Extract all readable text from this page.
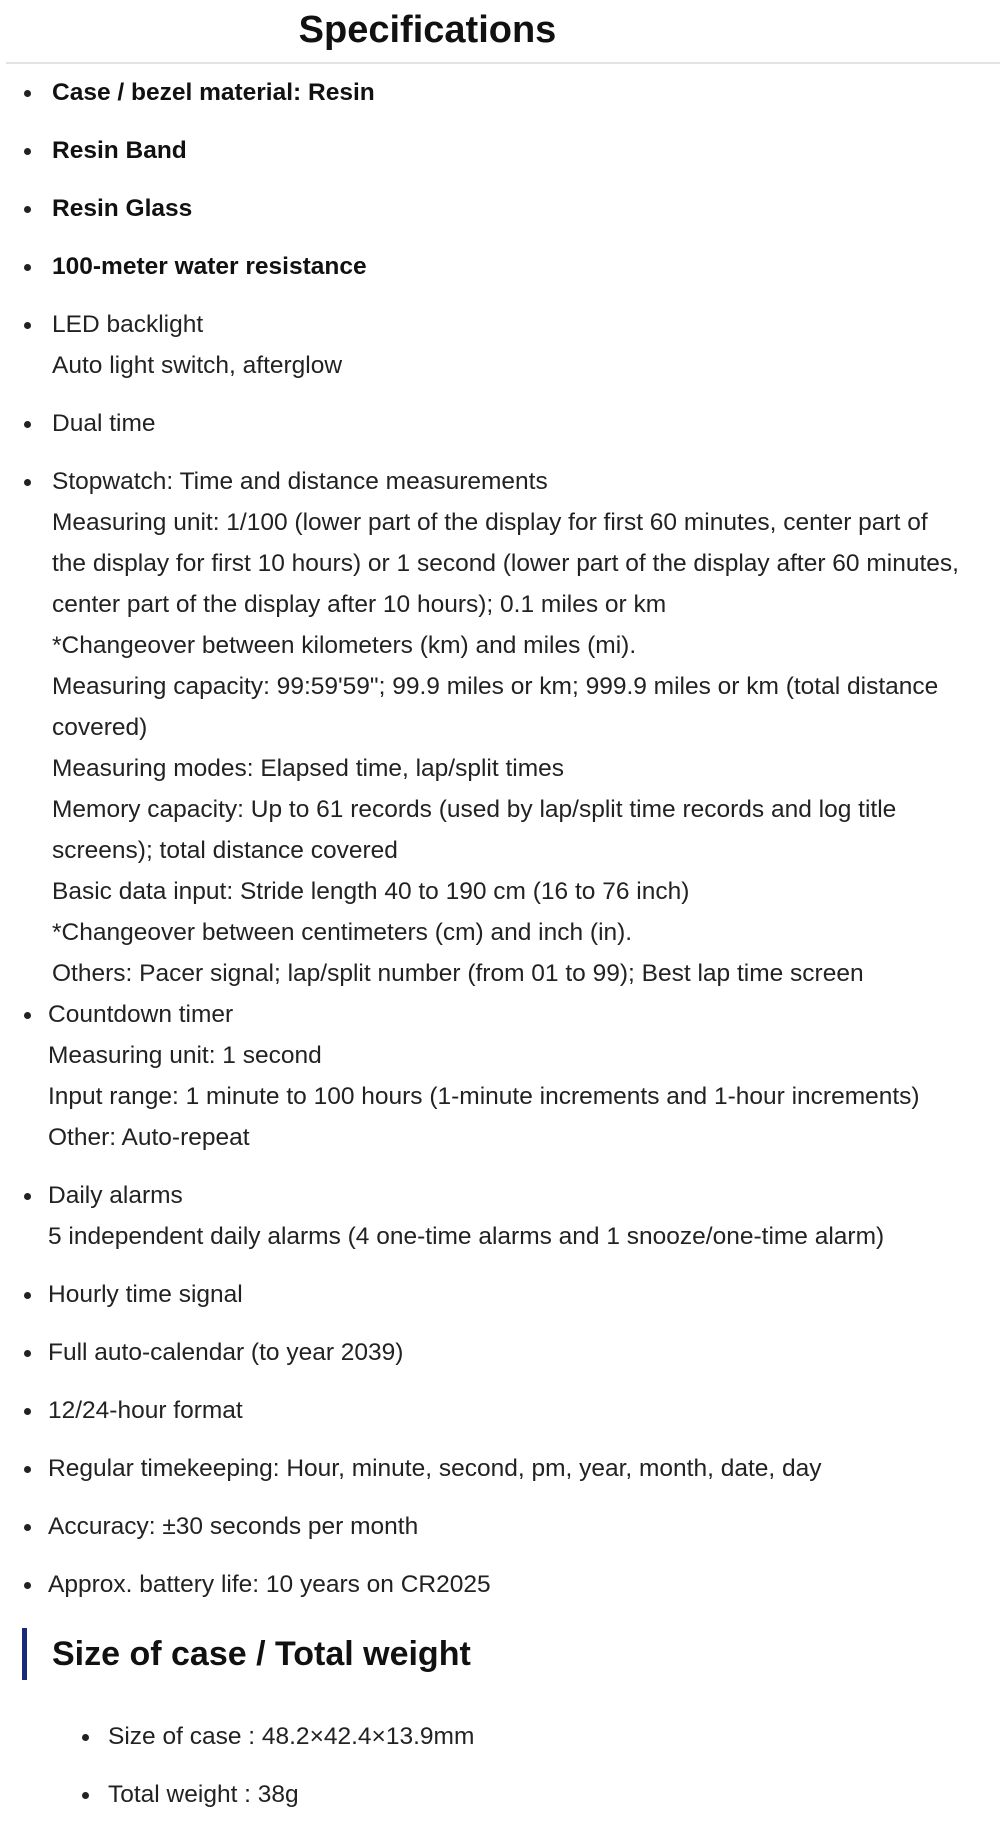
Specifications
Case / bezel material: Resin
Resin Band
Resin Glass
100-meter water resistance
LED backlight
Auto light switch, afterglow
Dual time
Stopwatch: Time and distance measurements
Measuring unit: 1/100 (lower part of the display for first 60 minutes, center part of
the display for first 10 hours) or 1 second (lower part of the display after 60 minutes,
center part of the display after 10 hours); 0.1 miles or km
*Changeover between kilometers (km) and miles (mi).
Measuring capacity: 99:59'59"; 99.9 miles or km; 999.9 miles or km (total distance
covered)
Measuring modes: Elapsed time, lap/split times
Memory capacity: Up to 61 records (used by lap/split time records and log title
screens); total distance covered
Basic data input: Stride length 40 to 190 cm (16 to 76 inch)
*Changeover between centimeters (cm) and inch (in).
Others: Pacer signal; lap/split number (from 01 to 99); Best lap time screen
Countdown timer
Measuring unit: 1 second
Input range: 1 minute to 100 hours (1-minute increments and 1-hour increments)
Other: Auto-repeat
Daily alarms
5 independent daily alarms (4 one-time alarms and 1 snooze/one-time alarm)
Hourly time signal
Full auto-calendar (to year 2039)
12/24-hour format
Regular timekeeping: Hour, minute, second, pm, year, month, date, day
Accuracy: ±30 seconds per month
Approx. battery life: 10 years on CR2025
Size of case / Total weight
Size of case : 48.2×42.4×13.9mm
Total weight : 38g
